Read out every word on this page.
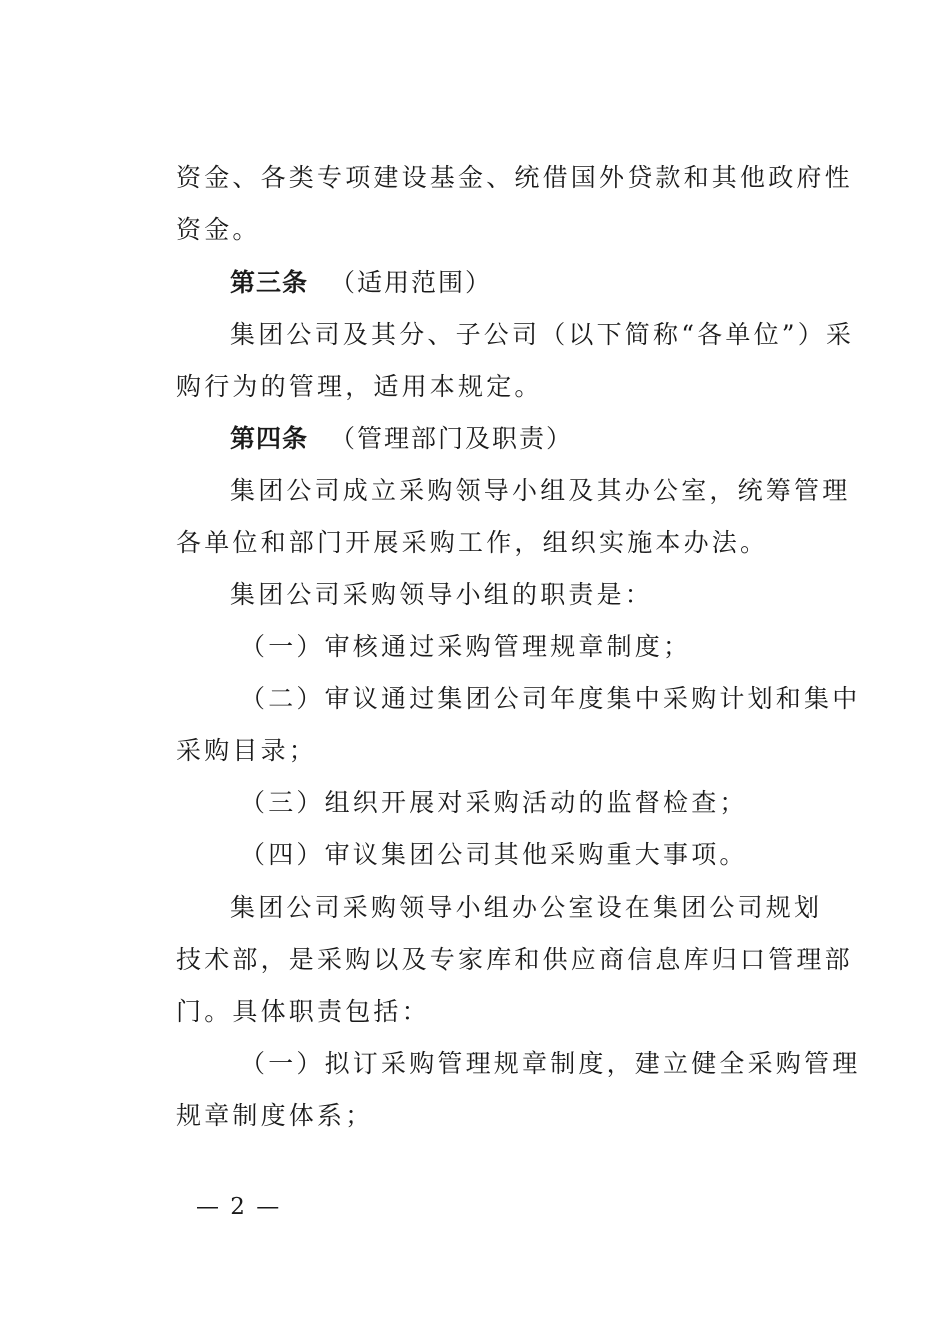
资金、各类专项建设基金、统借国外贷款和其他政府性
资金。
第三条 （适用范围）
集团公司及其分、子公司（以下简称“各单位”）采
购行为的管理，适用本规定。
第四条 （管理部门及职责）
集团公司成立采购领导小组及其办公室，统筹管理
各单位和部门开展采购工作，组织实施本办法。
集团公司采购领导小组的职责是：
（一）审核通过采购管理规章制度；
（二）审议通过集团公司年度集中采购计划和集中
采购目录；
（三）组织开展对采购活动的监督检查；
（四）审议集团公司其他采购重大事项。
集团公司采购领导小组办公室设在集团公司规划
技术部，是采购以及专家库和供应商信息库归口管理部
门。具体职责包括：
（一）拟订采购管理规章制度，建立健全采购管理
规章制度体系；
— 2 —
